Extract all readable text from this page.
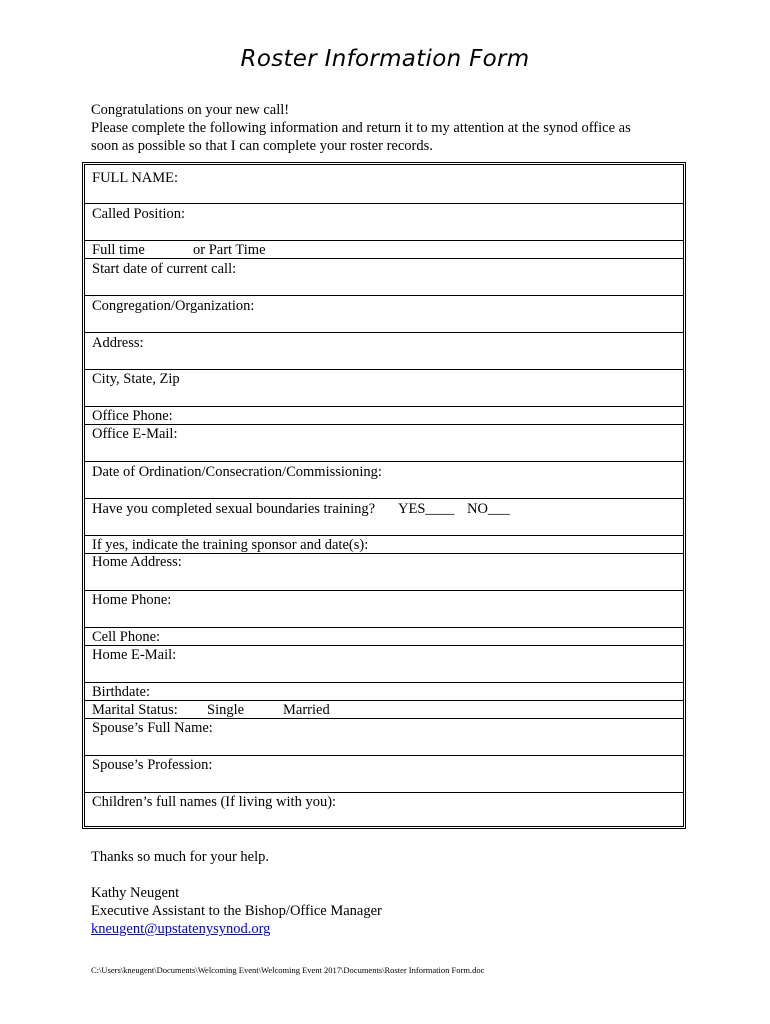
Roster Information Form
Congratulations on your new call!
Please complete the following information and return it to my attention at the synod office as
soon as possible so that I can complete your roster records.
FULL NAME:
Called Position:
Full time	or Part Time
Start date of current call:
Congregation/Organization:
Address:
City, State, Zip
Office Phone:
Office E-Mail:
Date of Ordination/Consecration/Commissioning:
Have you completed sexual boundaries training? YES____ NO___
If yes, indicate the training sponsor and date(s):
Home Address:
Home Phone:
Cell Phone:
Home E-Mail:
Birthdate:
Marital Status: Single	Married
Spouse’s Full Name:
Spouse’s Profession:
Children’s full names (If living with you):
Thanks so much for your help.
Kathy Neugent
Executive Assistant to the Bishop/Office Manager
kneugent@upstatenysynod.org
C:\Users\kneugent\Documents\Welcoming Event\Welcoming Event 2017\Documents\Roster Information Form.doc
